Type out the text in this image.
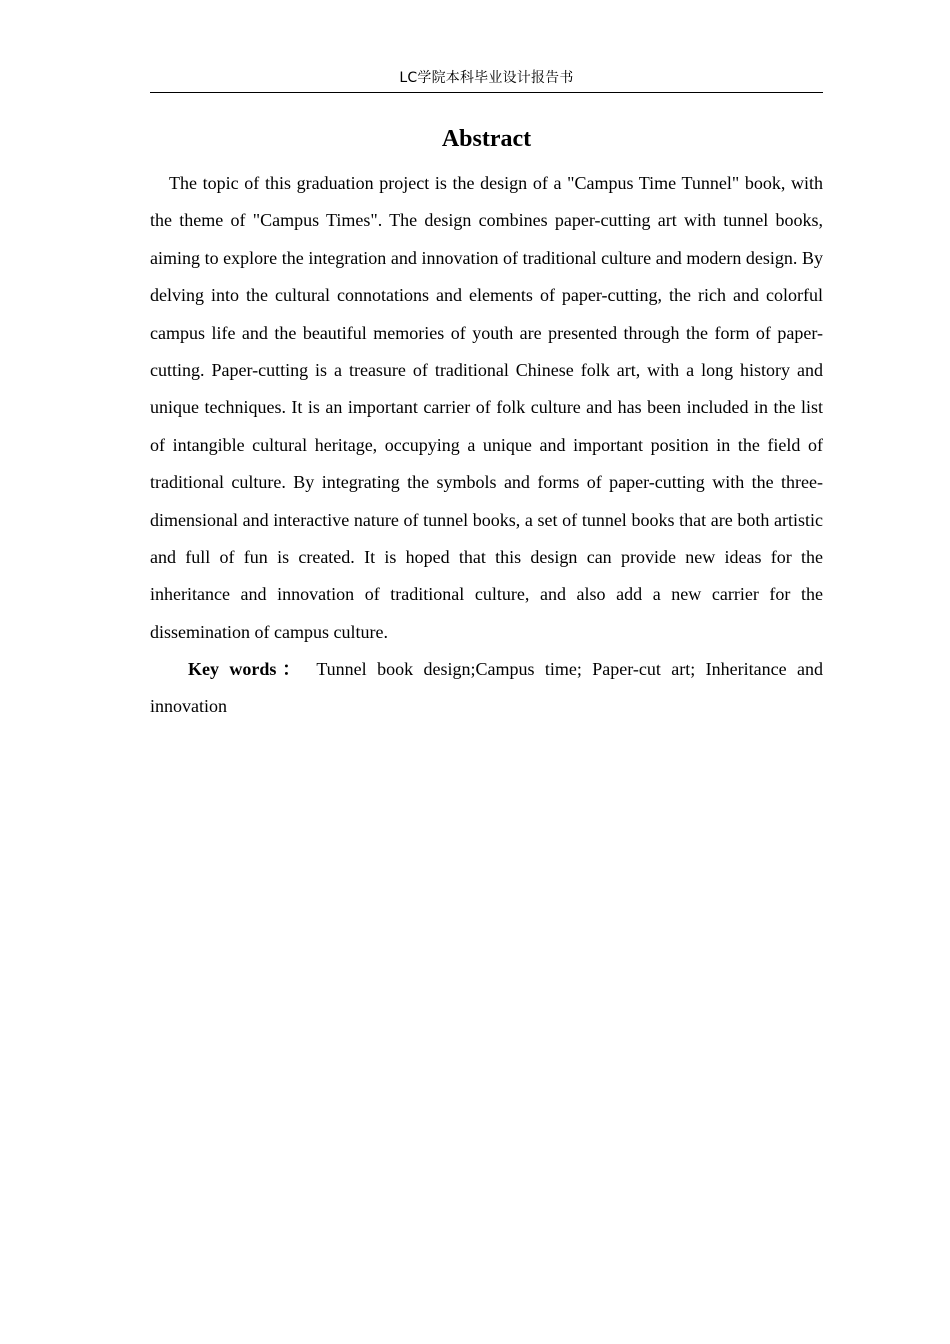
LC学院本科毕业设计报告书
Abstract

The topic of this graduation project is the design of a "Campus Time Tunnel" book, with the theme of "Campus Times". The design combines paper-cutting art with tunnel books, aiming to explore the integration and innovation of traditional culture and modern design. By delving into the cultural connotations and elements of paper-cutting, the rich and colorful campus life and the beautiful memories of youth are presented through the form of paper-cutting. Paper-cutting is a treasure of traditional Chinese folk art, with a long history and unique techniques. It is an important carrier of folk culture and has been included in the list of intangible cultural heritage, occupying a unique and important position in the field of traditional culture. By integrating the symbols and forms of paper-cutting with the three-dimensional and interactive nature of tunnel books, a set of tunnel books that are both artistic and full of fun is created. It is hoped that this design can provide new ideas for the inheritance and innovation of traditional culture, and also add a new carrier for the dissemination of campus culture.

Key words： Tunnel book design;Campus time; Paper-cut art; Inheritance and innovation
